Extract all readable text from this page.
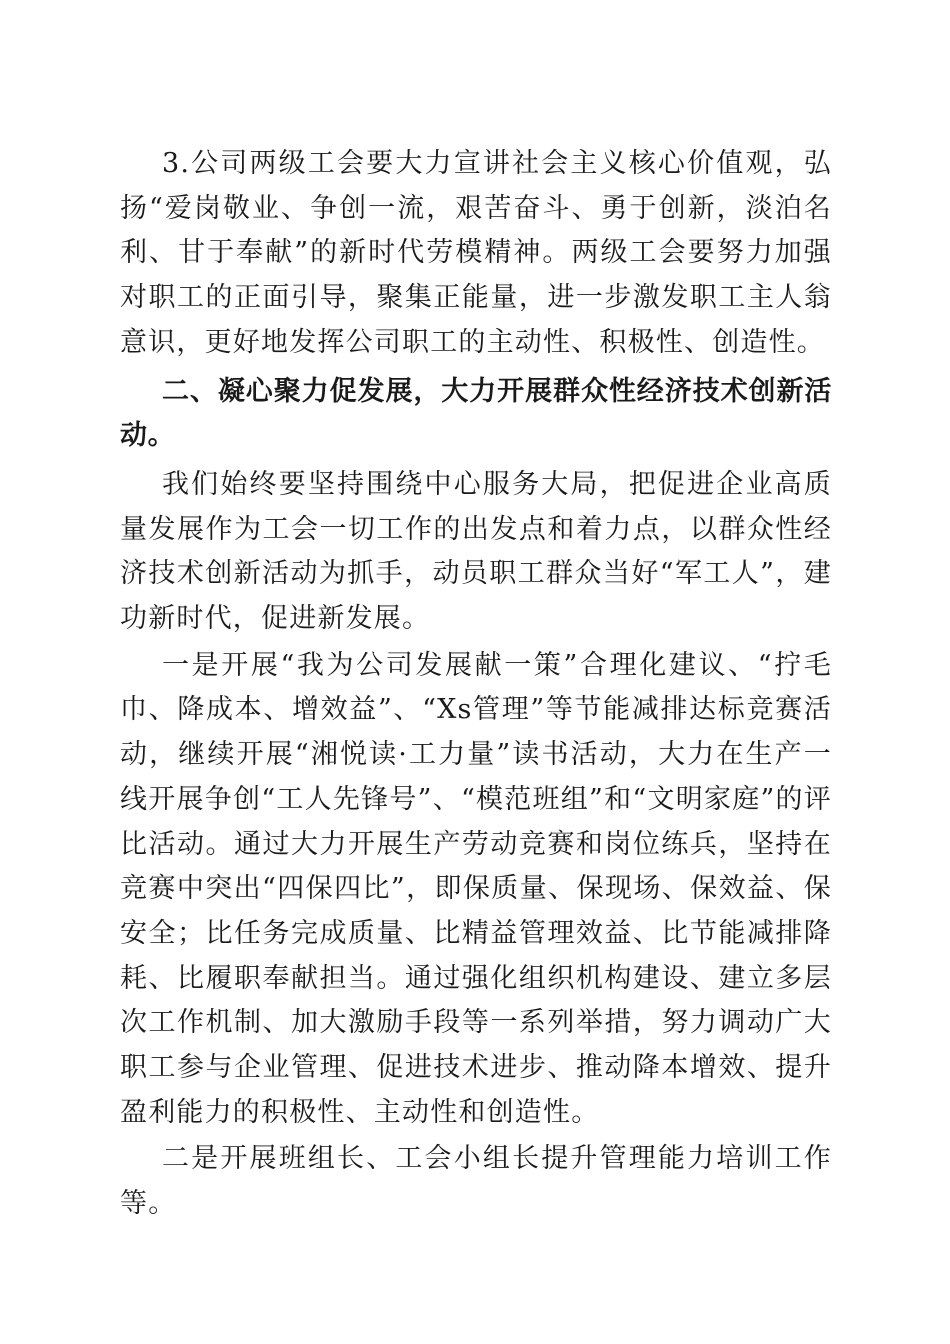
3.公司两级工会要大力宣讲社会主义核心价值观，弘扬“爱岗敬业、争创一流，艰苦奋斗、勇于创新，淡泊名利、甘于奉献”的新时代劳模精神。两级工会要努力加强对职工的正面引导，聚集正能量，进一步激发职工主人翁意识，更好地发挥公司职工的主动性、积极性、创造性。

二、凝心聚力促发展，大力开展群众性经济技术创新活动。

我们始终要坚持围绕中心服务大局，把促进企业高质量发展作为工会一切工作的出发点和着力点，以群众性经济技术创新活动为抓手，动员职工群众当好“军工人”，建功新时代，促进新发展。

一是开展“我为公司发展献一策”合理化建议、“拧毛巾、降成本、增效益”、“Xs管理”等节能减排达标竞赛活动，继续开展“湘悦读·工力量”读书活动，大力在生产一线开展争创“工人先锋号”、“模范班组”和“文明家庭”的评比活动。通过大力开展生产劳动竞赛和岗位练兵，坚持在竞赛中突出“四保四比”，即保质量、保现场、保效益、保安全；比任务完成质量、比精益管理效益、比节能减排降耗、比履职奉献担当。通过强化组织机构建设、建立多层次工作机制、加大激励手段等一系列举措，努力调动广大职工参与企业管理、促进技术进步、推动降本增效、提升盈利能力的积极性、主动性和创造性。

二是开展班组长、工会小组长提升管理能力培训工作等。
